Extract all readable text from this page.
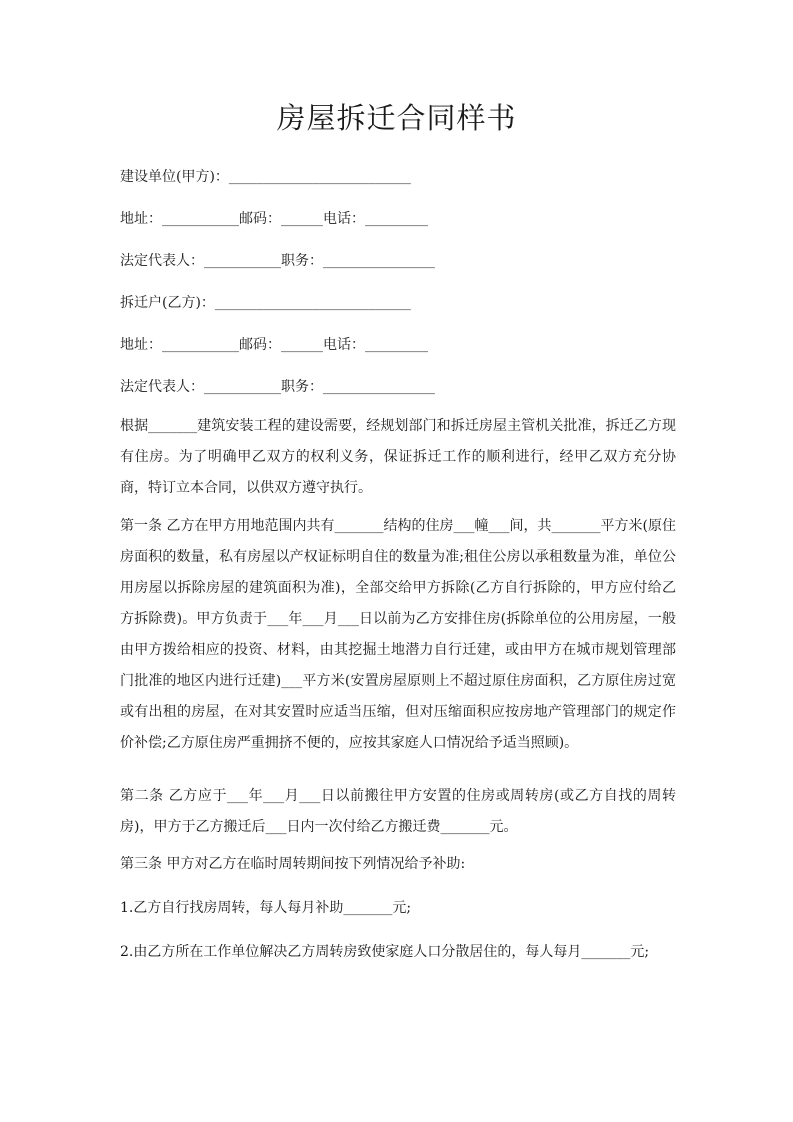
房屋拆迁合同样书
建设单位(甲方)：__________________________
地址：___________邮码：______电话：_________
法定代表人：___________职务：________________
拆迁户(乙方)：____________________________
地址：___________邮码：______电话：_________
法定代表人：___________职务：________________
根据_______建筑安装工程的建设需要，经规划部门和拆迁房屋主管机关批准，拆迁乙方现有住房。为了明确甲乙双方的权利义务，保证拆迁工作的顺利进行，经甲乙双方充分协商，特订立本合同，以供双方遵守执行。
第一条 乙方在甲方用地范围内共有_______结构的住房___幢___间，共_______平方米(原住房面积的数量，私有房屋以产权证标明自住的数量为准;租住公房以承租数量为准，单位公用房屋以拆除房屋的建筑面积为准)，全部交给甲方拆除(乙方自行拆除的，甲方应付给乙方拆除费)。甲方负责于___年___月___日以前为乙方安排住房(拆除单位的公用房屋，一般由甲方拨给相应的投资、材料，由其挖掘土地潜力自行迁建，或由甲方在城市规划管理部门批准的地区内进行迁建)___平方米(安置房屋原则上不超过原住房面积，乙方原住房过宽或有出租的房屋，在对其安置时应适当压缩，但对压缩面积应按房地产管理部门的规定作价补偿;乙方原住房严重拥挤不便的，应按其家庭人口情况给予适当照顾)。
第二条 乙方应于___年___月___日以前搬往甲方安置的住房或周转房(或乙方自找的周转房)，甲方于乙方搬迁后___日内一次付给乙方搬迁费_______元。
第三条 甲方对乙方在临时周转期间按下列情况给予补助:
1.乙方自行找房周转，每人每月补助_______元;
2.由乙方所在工作单位解决乙方周转房致使家庭人口分散居住的，每人每月_______元;
